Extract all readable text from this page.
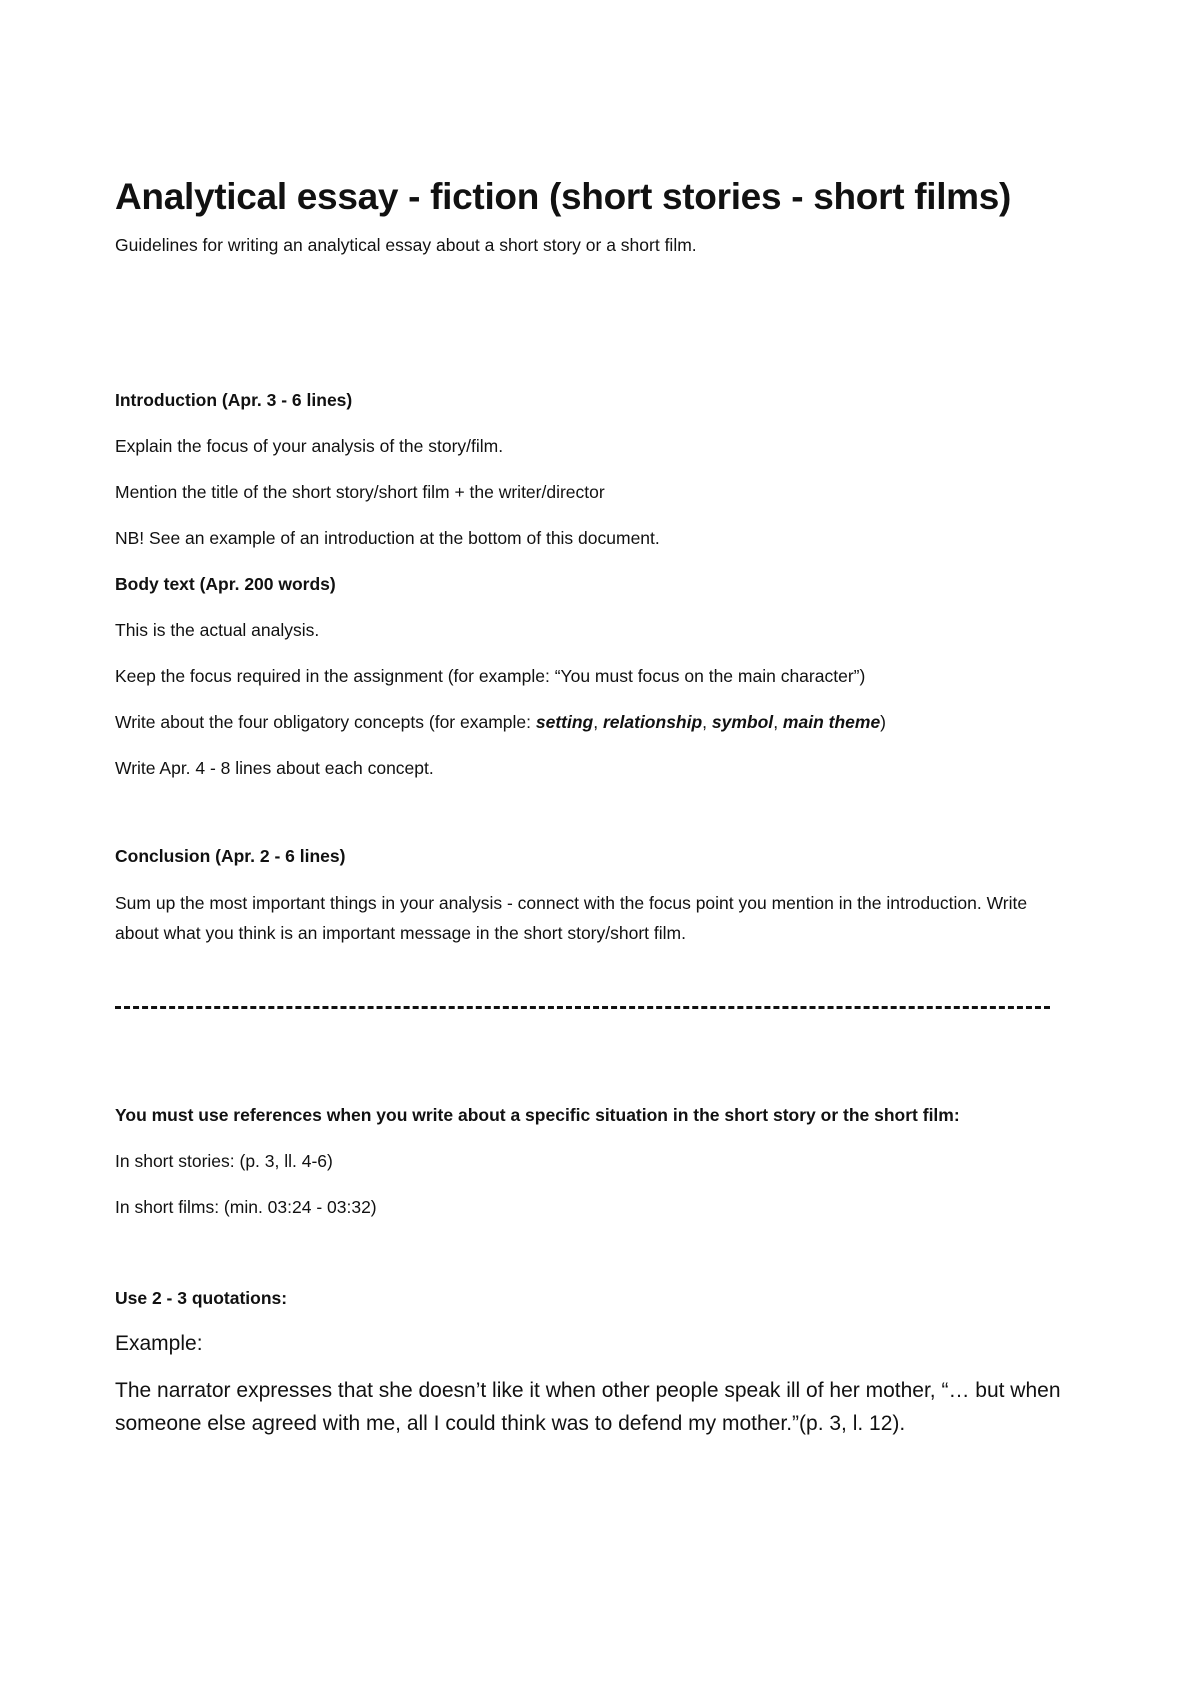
Analytical essay - fiction (short stories - short films)

Guidelines for writing an analytical essay about a short story or a short film.

Introduction (Apr. 3 - 6 lines)

Explain the focus of your analysis of the story/film.

Mention the title of the short story/short film + the writer/director

NB! See an example of an introduction at the bottom of this document.

Body text (Apr. 200 words)

This is the actual analysis.

Keep the focus required in the assignment (for example: “You must focus on the main character”)

Write about the four obligatory concepts (for example: setting, relationship, symbol, main theme)

Write Apr. 4 - 8 lines about each concept.

Conclusion (Apr. 2 - 6 lines)

Sum up the most important things in your analysis - connect with the focus point you mention in the introduction. Write about what you think is an important message in the short story/short film.

You must use references when you write about a specific situation in the short story or the short film:

In short stories: (p. 3, ll. 4-6)

In short films: (min. 03:24 - 03:32)

Use 2 - 3 quotations:

Example:

The narrator expresses that she doesn’t like it when other people speak ill of her mother, “… but when someone else agreed with me, all I could think was to defend my mother.”(p. 3, l. 12).
